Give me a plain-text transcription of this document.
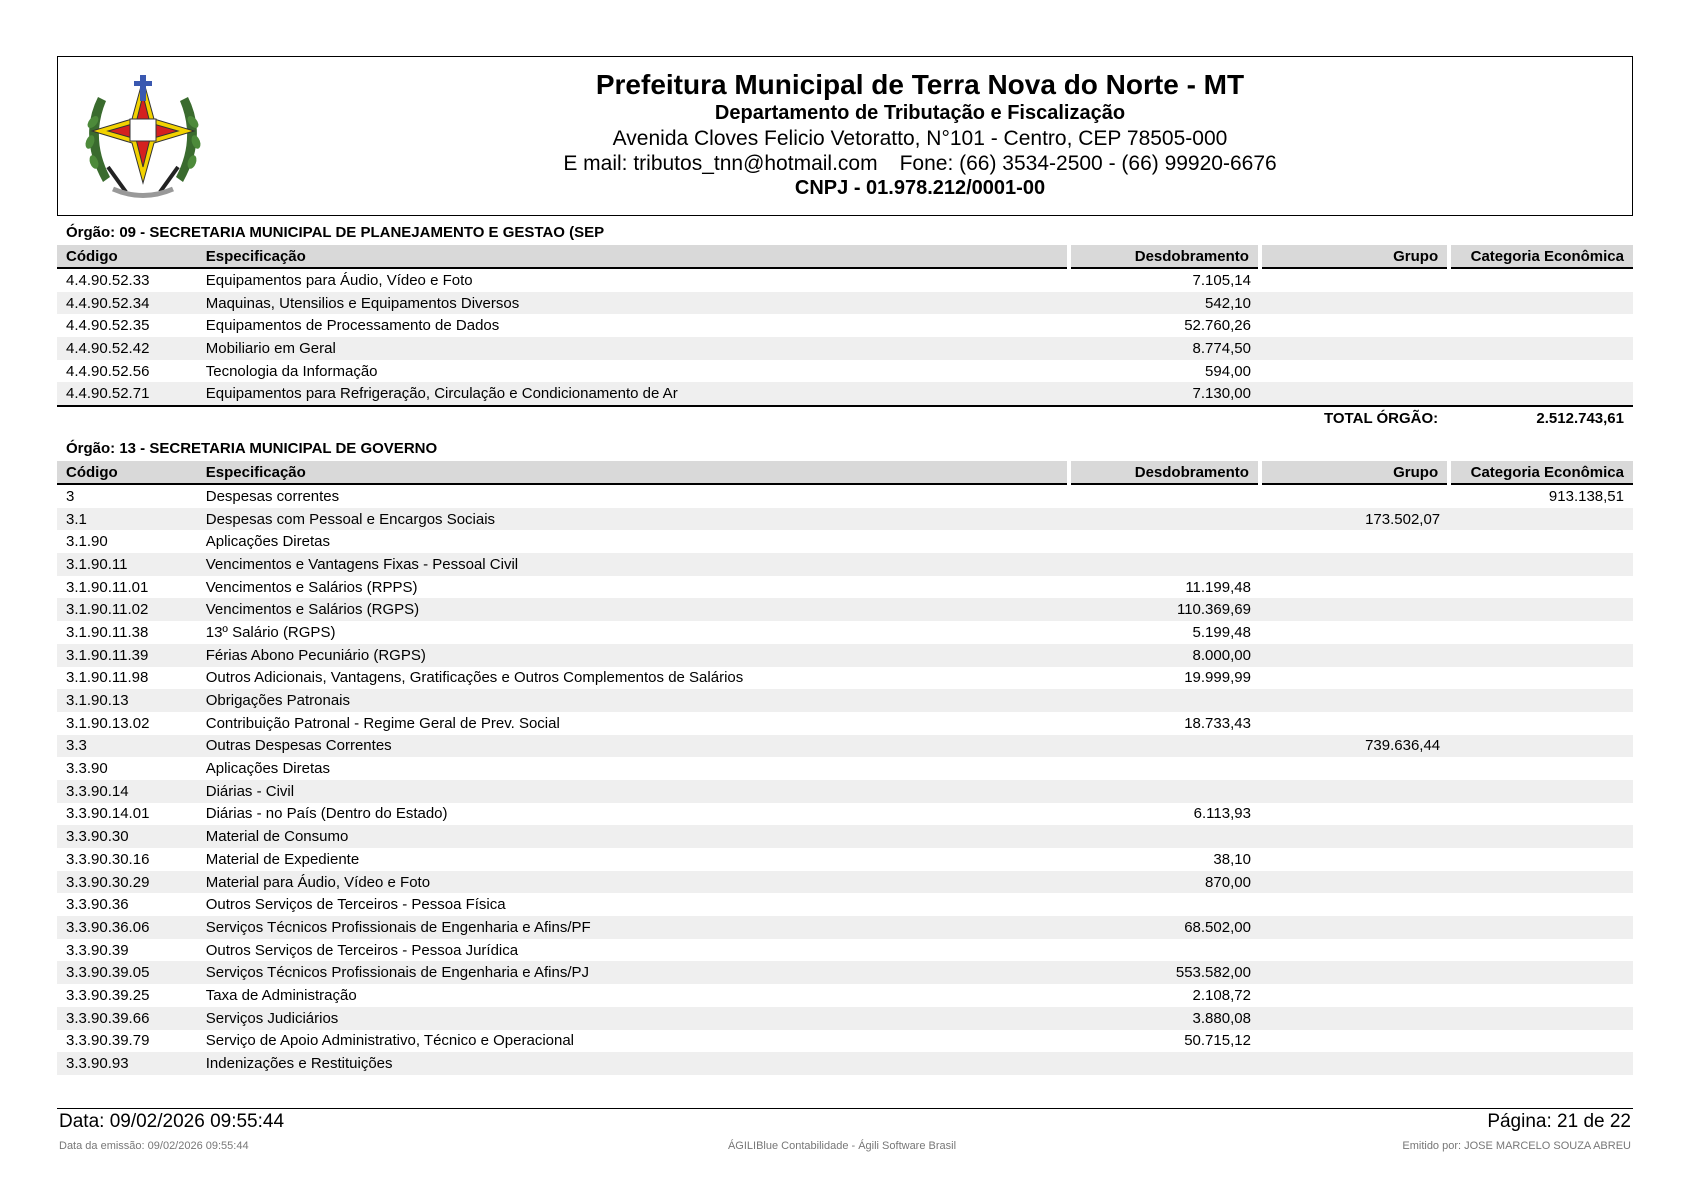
Prefeitura Municipal de Terra Nova do Norte - MT
Departamento de Tributação e Fiscalização
Avenida Cloves Felicio Vetoratto, N°101 - Centro, CEP 78505-000
E mail: tributos_tnn@hotmail.com Fone: (66) 3534-2500 - (66) 99920-6676
CNPJ - 01.978.212/0001-00
Órgão: 09 - SECRETARIA MUNICIPAL DE PLANEJAMENTO E GESTAO (SEP
Código	Especificação	Desdobramento	Grupo	Categoria Econômica
4.4.90.52.33	Equipamentos para Áudio, Vídeo e Foto	7.105,14		
4.4.90.52.34	Maquinas, Utensilios e Equipamentos Diversos	542,10		
4.4.90.52.35	Equipamentos de Processamento de Dados	52.760,26		
4.4.90.52.42	Mobiliario em Geral	8.774,50		
4.4.90.52.56	Tecnologia da Informação	594,00		
4.4.90.52.71	Equipamentos para Refrigeração, Circulação e Condicionamento de Ar	7.130,00		
TOTAL ÓRGÃO:	2.512.743,61
Órgão: 13 - SECRETARIA MUNICIPAL DE GOVERNO
Código	Especificação	Desdobramento	Grupo	Categoria Econômica
3	Despesas correntes			913.138,51
3.1	Despesas com Pessoal e Encargos Sociais		173.502,07	
3.1.90	Aplicações Diretas			
3.1.90.11	Vencimentos e Vantagens Fixas - Pessoal Civil			
3.1.90.11.01	Vencimentos e Salários (RPPS)	11.199,48		
3.1.90.11.02	Vencimentos e Salários (RGPS)	110.369,69		
3.1.90.11.38	13º Salário (RGPS)	5.199,48		
3.1.90.11.39	Férias Abono Pecuniário (RGPS)	8.000,00		
3.1.90.11.98	Outros Adicionais, Vantagens, Gratificações e Outros Complementos de Salários	19.999,99		
3.1.90.13	Obrigações Patronais			
3.1.90.13.02	Contribuição Patronal - Regime Geral de Prev. Social	18.733,43		
3.3	Outras Despesas Correntes		739.636,44	
3.3.90	Aplicações Diretas			
3.3.90.14	Diárias - Civil			
3.3.90.14.01	Diárias - no País (Dentro do Estado)	6.113,93		
3.3.90.30	Material de Consumo			
3.3.90.30.16	Material de Expediente	38,10		
3.3.90.30.29	Material para Áudio, Vídeo e Foto	870,00		
3.3.90.36	Outros Serviços de Terceiros - Pessoa Física			
3.3.90.36.06	Serviços Técnicos Profissionais de Engenharia e Afins/PF	68.502,00		
3.3.90.39	Outros Serviços de Terceiros - Pessoa Jurídica			
3.3.90.39.05	Serviços Técnicos Profissionais de Engenharia e Afins/PJ	553.582,00		
3.3.90.39.25	Taxa de Administração	2.108,72		
3.3.90.39.66	Serviços Judiciários	3.880,08		
3.3.90.39.79	Serviço de Apoio Administrativo, Técnico e Operacional	50.715,12		
3.3.90.93	Indenizações e Restituições			
Data: 09/02/2026 09:55:44	Página: 21 de 22
Data da emissão: 09/02/2026 09:55:44	ÁGILIBlue Contabilidade - Ágili Software Brasil	Emitido por: JOSE MARCELO SOUZA ABREU
